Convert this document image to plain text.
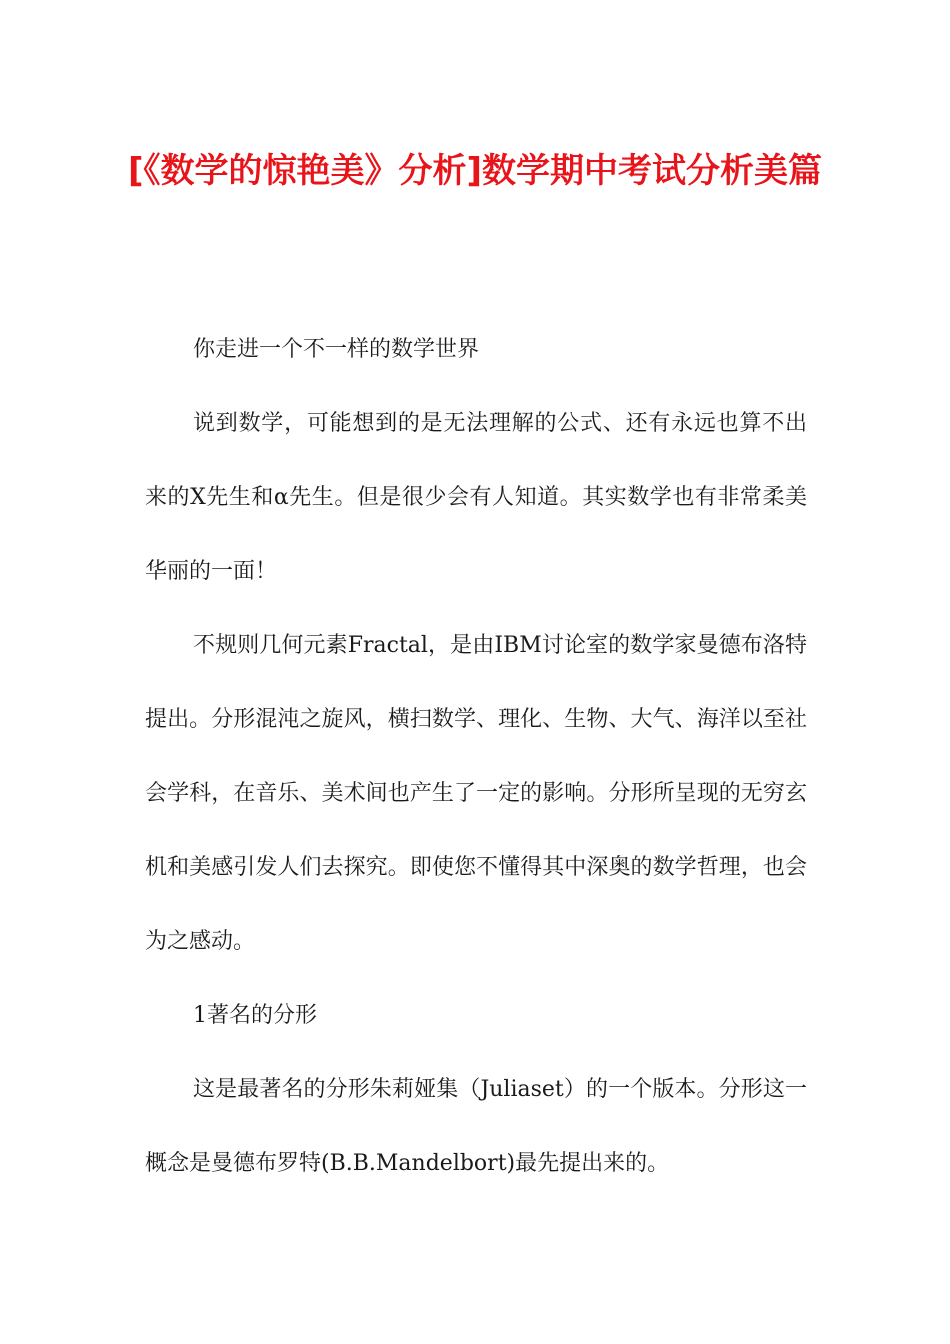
[《数学的惊艳美》分析]数学期中考试分析美篇

你走进一个不一样的数学世界

说到数学，可能想到的是无法理解的公式、还有永远也算不出来的X先生和α先生。但是很少会有人知道。其实数学也有非常柔美华丽的一面！

不规则几何元素Fractal，是由IBM讨论室的数学家曼德布洛特提出。分形混沌之旋风，横扫数学、理化、生物、大气、海洋以至社会学科，在音乐、美术间也产生了一定的影响。分形所呈现的无穷玄机和美感引发人们去探究。即使您不懂得其中深奥的数学哲理，也会为之感动。

1著名的分形

这是最著名的分形朱莉娅集（Juliaset）的一个版本。分形这一概念是曼德布罗特(B.B.Mandelbort)最先提出来的。
